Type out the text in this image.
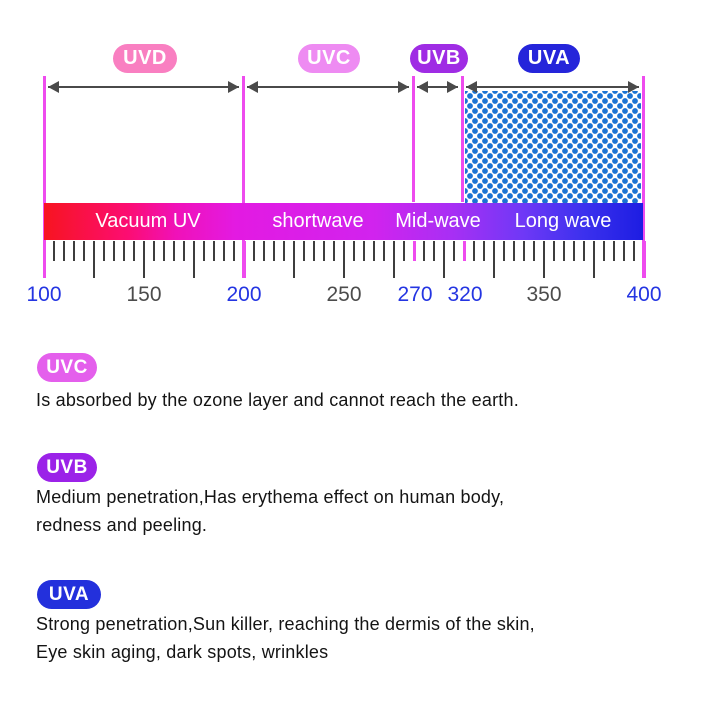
UVD	UVC	UVB	UVA
Vacuum UV	shortwave Mid-wave Long wave
100	150	200	250 270 320 350	400
UVC
Is absorbed by the ozone layer and cannot reach the earth.
UVB
Medium penetration,Has erythema effect on human body,
redness and peeling.
UVA
Strong penetration,Sun killer, reaching the dermis of the skin,
Eye skin aging, dark spots, wrinkles
